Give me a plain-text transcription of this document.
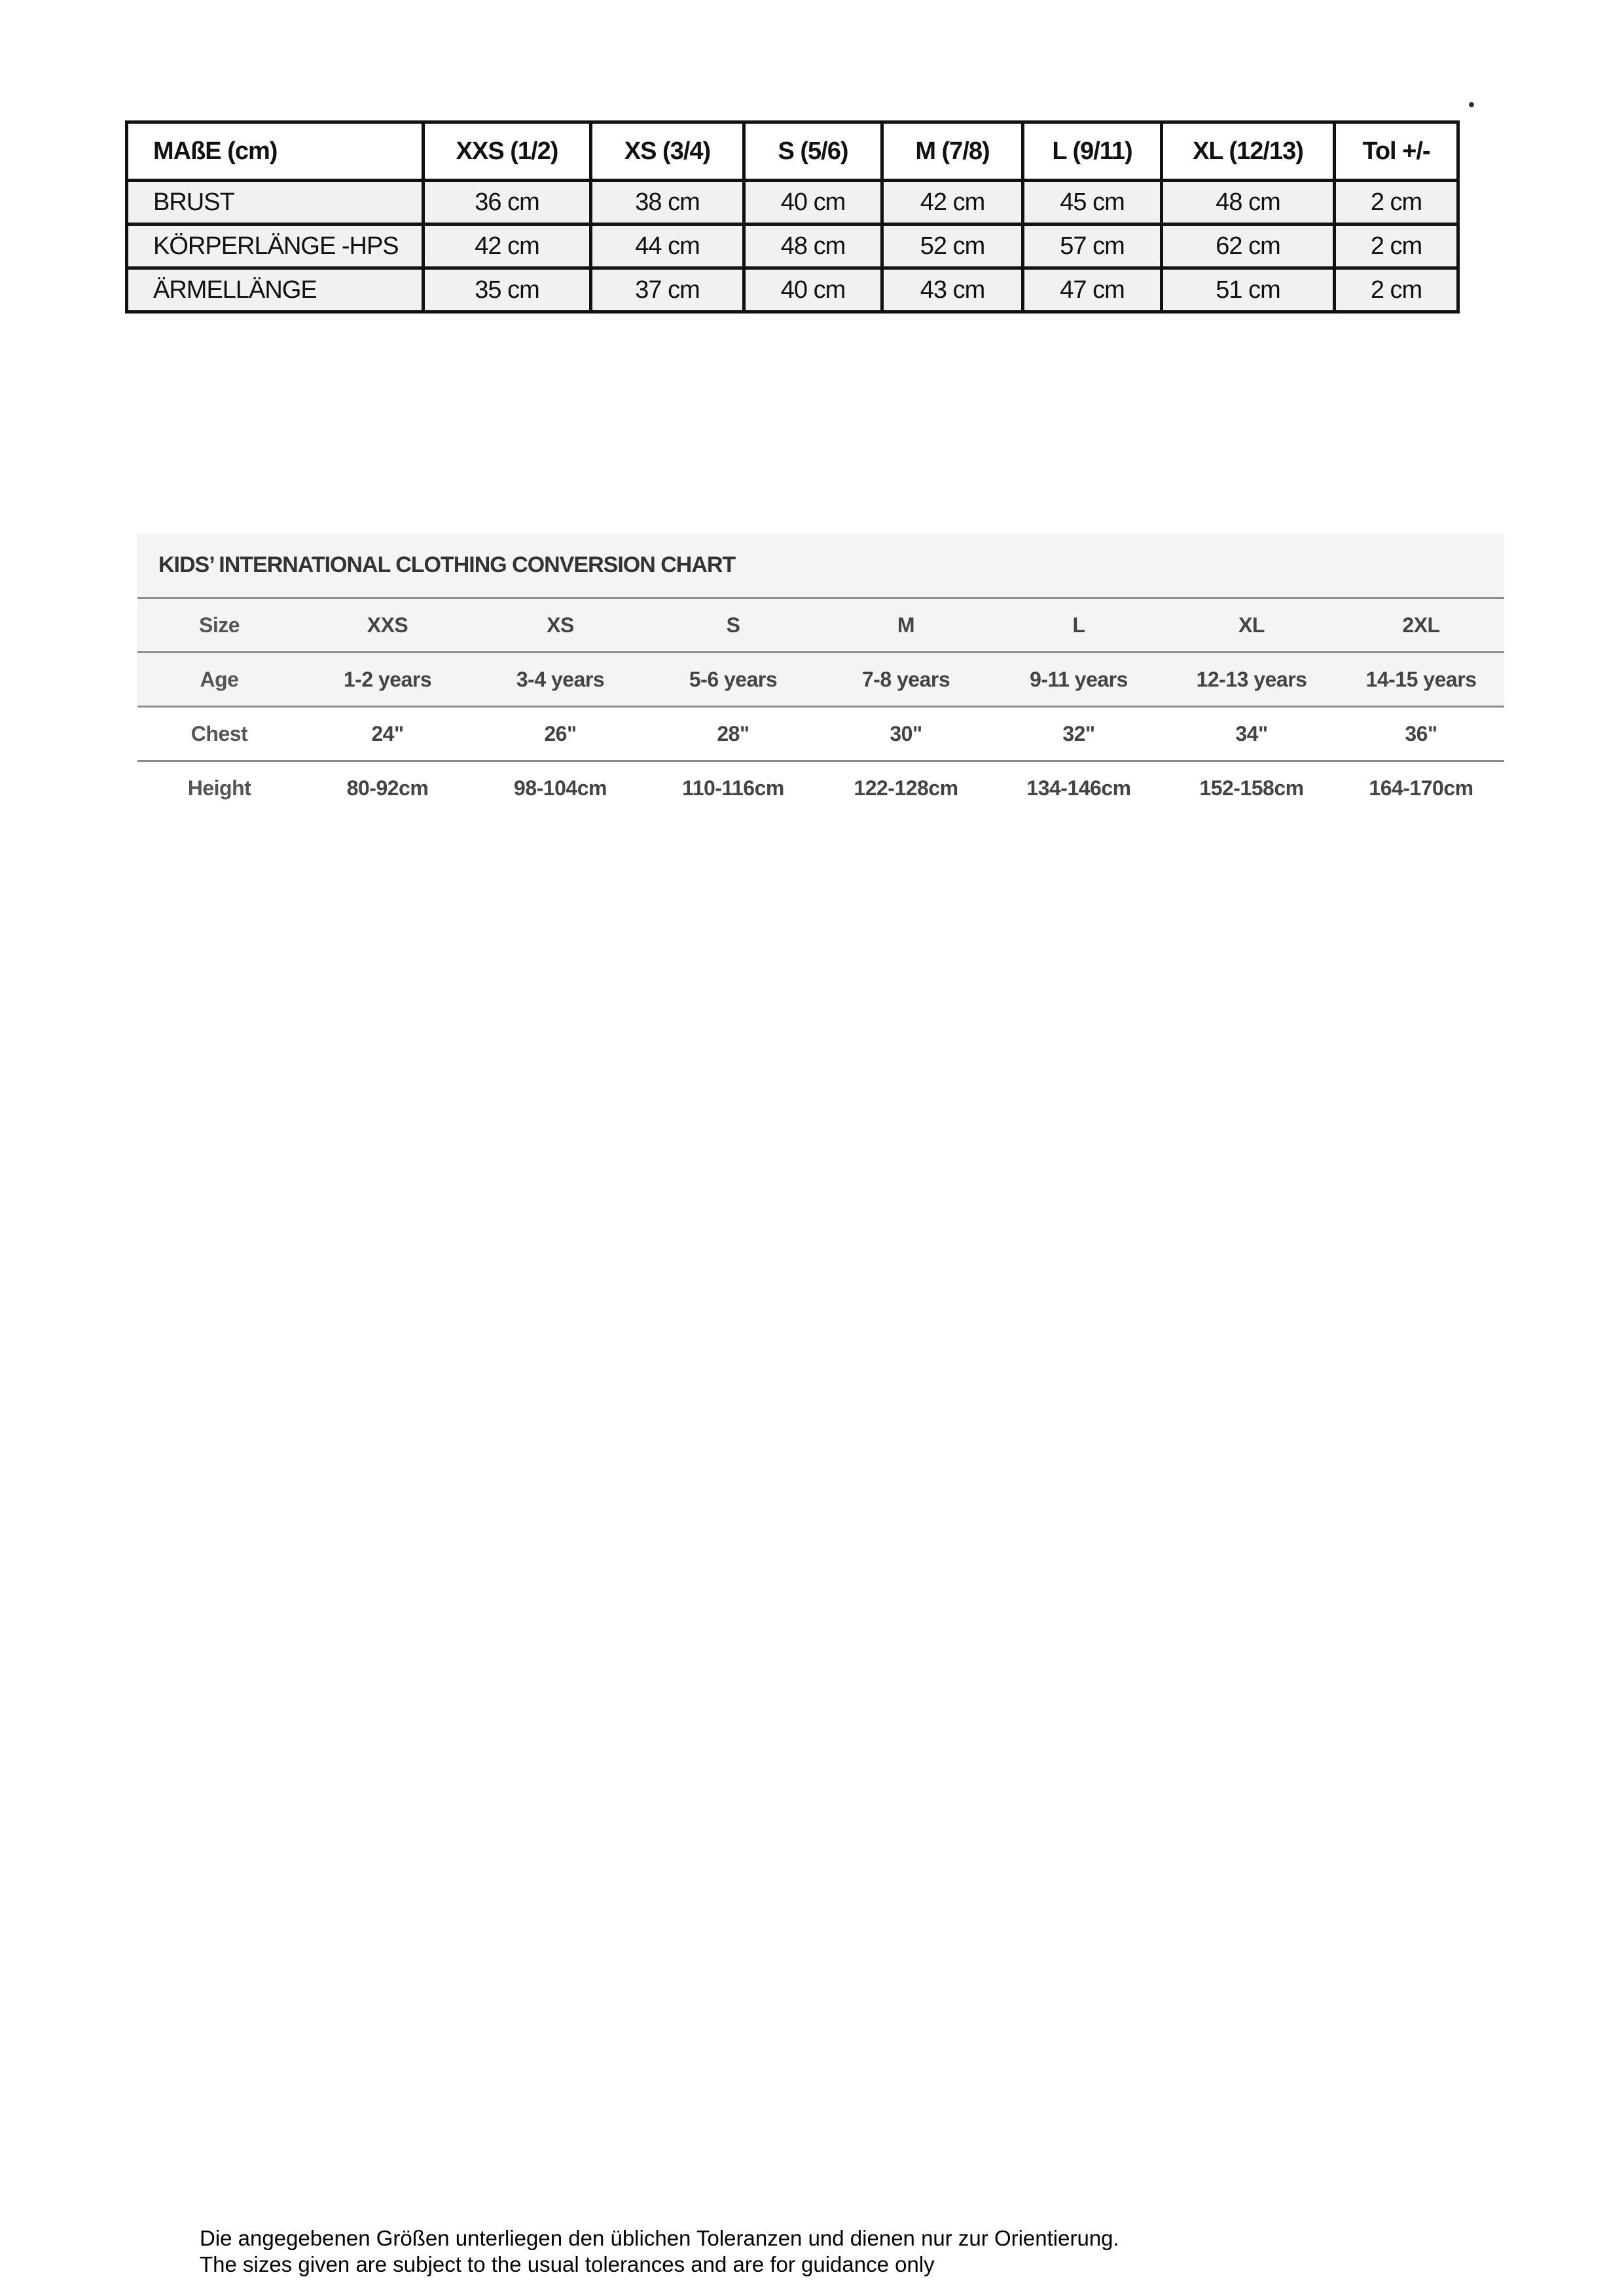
MAßE (cm)	XXS (1/2)	XS (3/4)	S (5/6)	M (7/8)	L (9/11)	XL (12/13)	Tol +/-
BRUST	36 cm	38 cm	40 cm	42 cm	45 cm	48 cm	2 cm
KÖRPERLÄNGE -HPS	42 cm	44 cm	48 cm	52 cm	57 cm	62 cm	2 cm
ÄRMELLÄNGE	35 cm	37 cm	40 cm	43 cm	47 cm	51 cm	2 cm
KIDS’ INTERNATIONAL CLOTHING CONVERSION CHART
Size	XXS	XS	S	M	L	XL	2XL
Age	1-2 years	3-4 years	5-6 years	7-8 years	9-11 years	12-13 years	14-15 years
Chest	24"	26"	28"	30"	32"	34"	36"
Height	80-92cm	98-104cm	110-116cm	122-128cm	134-146cm	152-158cm	164-170cm
Die angegebenen Größen unterliegen den üblichen Toleranzen und dienen nur zur Orientierung.
The sizes given are subject to the usual tolerances and are for guidance only
